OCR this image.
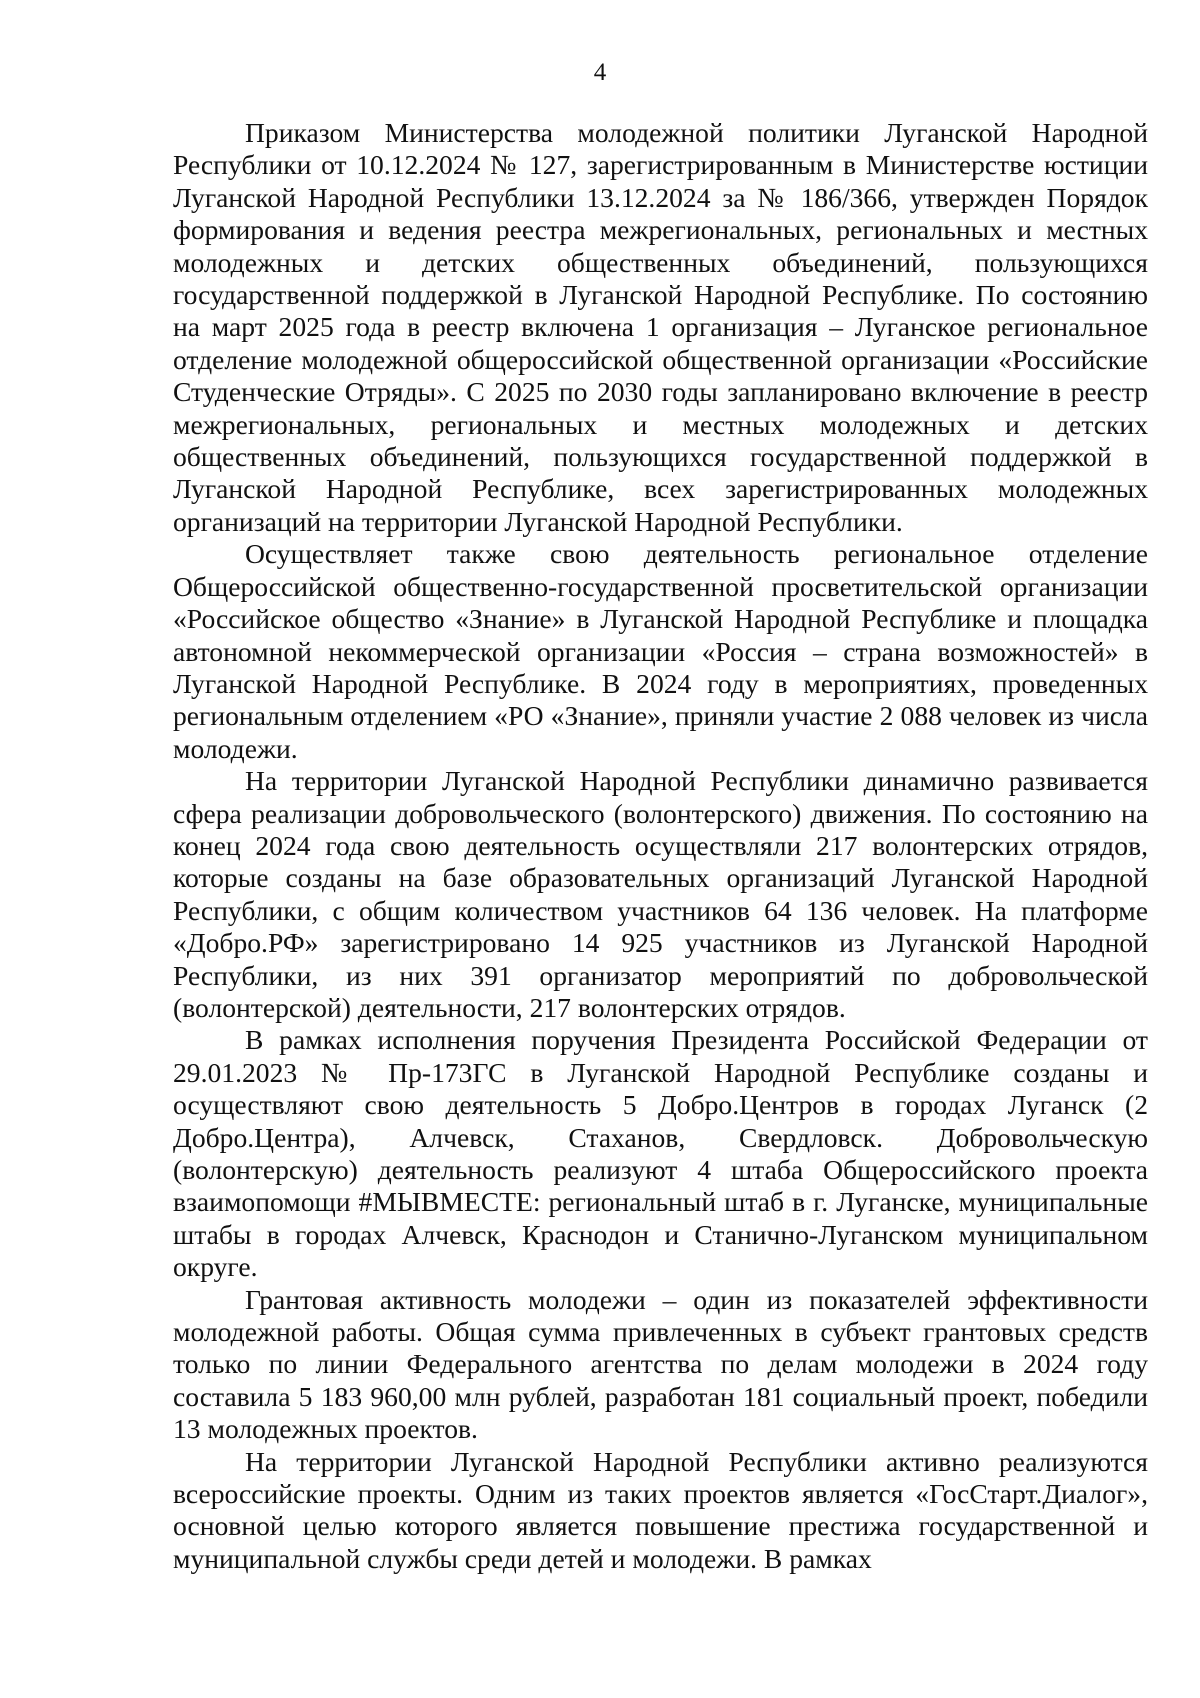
4

Приказом Министерства молодежной политики Луганской Народной Республики от 10.12.2024 № 127, зарегистрированным в Министерстве юстиции Луганской Народной Республики 13.12.2024 за № 186/366, утвержден Порядок формирования и ведения реестра межрегиональных, региональных и местных молодежных и детских общественных объединений, пользующихся государственной поддержкой в Луганской Народной Республике. По состоянию на март 2025 года в реестр включена 1 организация – Луганское региональное отделение молодежной общероссийской общественной организации «Российские Студенческие Отряды». С 2025 по 2030 годы запланировано включение в реестр межрегиональных, региональных и местных молодежных и детских общественных объединений, пользующихся государственной поддержкой в Луганской Народной Республике, всех зарегистрированных молодежных организаций на территории Луганской Народной Республики.

Осуществляет также свою деятельность региональное отделение Общероссийской общественно-государственной просветительской организации «Российское общество «Знание» в Луганской Народной Республике и площадка автономной некоммерческой организации «Россия – страна возможностей» в Луганской Народной Республике. В 2024 году в мероприятиях, проведенных региональным отделением «РО «Знание», приняли участие 2 088 человек из числа молодежи.

На территории Луганской Народной Республики динамично развивается сфера реализации добровольческого (волонтерского) движения. По состоянию на конец 2024 года свою деятельность осуществляли 217 волонтерских отрядов, которые созданы на базе образовательных организаций Луганской Народной Республики, с общим количеством участников 64 136 человек. На платформе «Добро.РФ» зарегистрировано 14 925 участников из Луганской Народной Республики, из них 391 организатор мероприятий по добровольческой (волонтерской) деятельности, 217 волонтерских отрядов.

В рамках исполнения поручения Президента Российской Федерации от 29.01.2023 № Пр-173ГС в Луганской Народной Республике созданы и осуществляют свою деятельность 5 Добро.Центров в городах Луганск (2 Добро.Центра), Алчевск, Стаханов, Свердловск. Добровольческую (волонтерскую) деятельность реализуют 4 штаба Общероссийского проекта взаимопомощи #МЫВМЕСТЕ: региональный штаб в г. Луганске, муниципальные штабы в городах Алчевск, Краснодон и Станично-Луганском муниципальном округе.

Грантовая активность молодежи – один из показателей эффективности молодежной работы. Общая сумма привлеченных в субъект грантовых средств только по линии Федерального агентства по делам молодежи в 2024 году составила 5 183 960,00 млн рублей, разработан 181 социальный проект, победили 13 молодежных проектов.

На территории Луганской Народной Республики активно реализуются всероссийские проекты. Одним из таких проектов является «ГосСтарт.Диалог», основной целью которого является повышение престижа государственной и муниципальной службы среди детей и молодежи. В рамках
